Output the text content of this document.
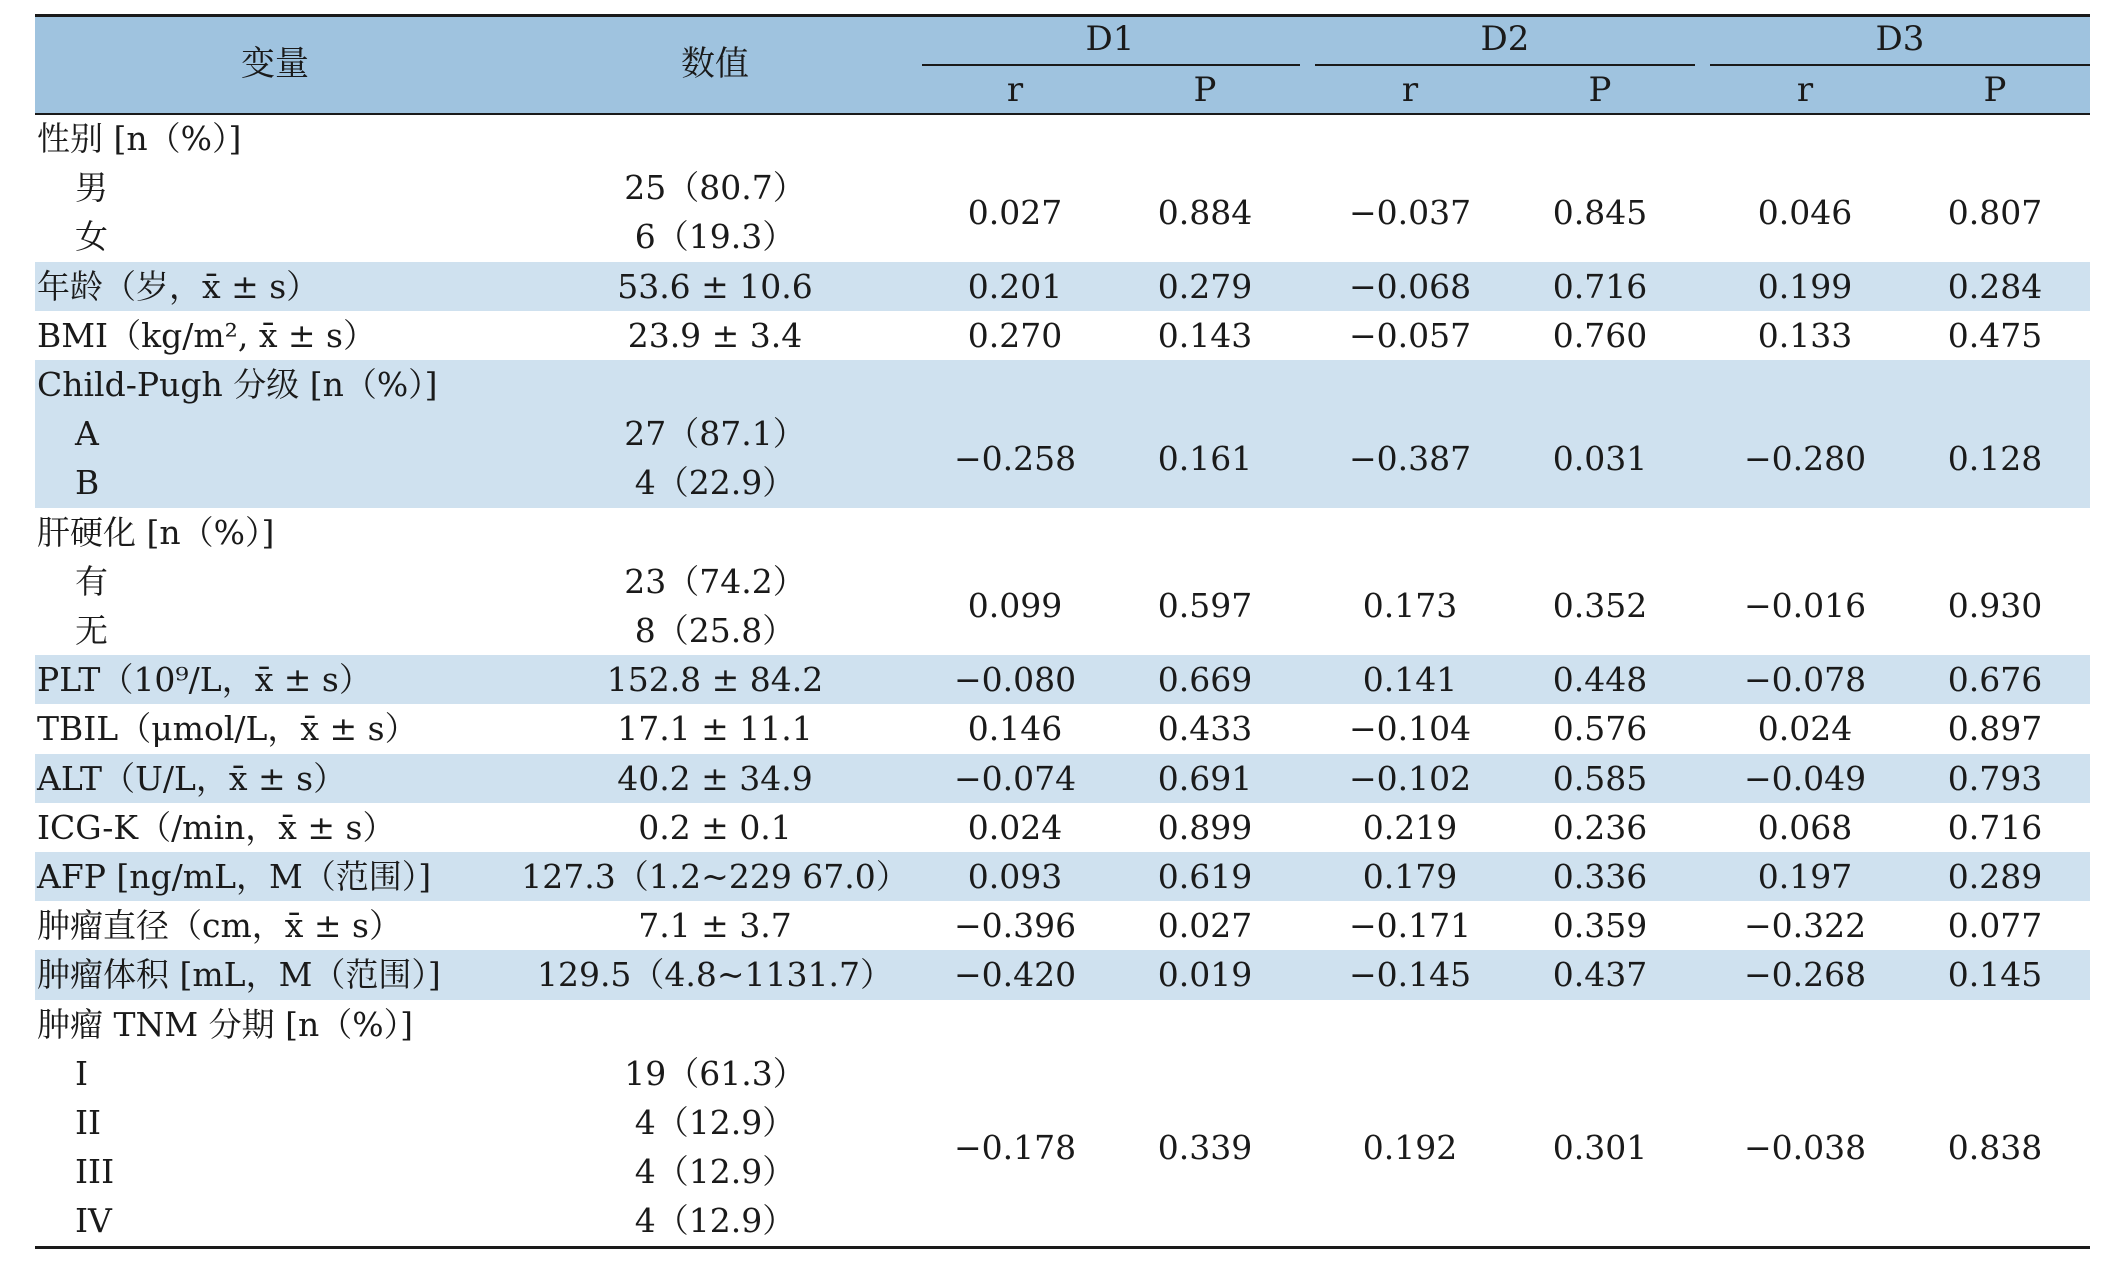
变量	数值
D1	D2	D3
r	P	r	P	r	P
性别 [n（%）]
男	25（80.7）
女	6（19.3）
0.027	0.884	−0.037	0.845	0.046	0.807
年龄（岁，x̄ ± s）	53.6 ± 10.6	0.201	0.279	−0.068	0.716	0.199	0.284
BMI（kg/m², x̄ ± s）	23.9 ± 3.4	0.270	0.143	−0.057	0.760	0.133	0.475
Child-Pugh 分级 [n（%）]
A	27（87.1）
B	4（22.9）
−0.258	0.161	−0.387	0.031	−0.280	0.128
肝硬化 [n（%）]
有	23（74.2）
无	8（25.8）
0.099	0.597	0.173	0.352	−0.016	0.930
PLT（10⁹/L，x̄ ± s）	152.8 ± 84.2	−0.080	0.669	0.141	0.448	−0.078	0.676
TBIL（μmol/L，x̄ ± s）	17.1 ± 11.1	0.146	0.433	−0.104	0.576	0.024	0.897
ALT（U/L，x̄ ± s）	40.2 ± 34.9	−0.074	0.691	−0.102	0.585	−0.049	0.793
ICG-K（/min，x̄ ± s）	0.2 ± 0.1	0.024	0.899	0.219	0.236	0.068	0.716
AFP [ng/mL，M（范围）]	127.3（1.2~229 67.0）	0.093	0.619	0.179	0.336	0.197	0.289
肿瘤直径（cm，x̄ ± s）	7.1 ± 3.7	−0.396	0.027	−0.171	0.359	−0.322	0.077
肿瘤体积 [mL，M（范围）]	129.5（4.8~1131.7）	−0.420	0.019	−0.145	0.437	−0.268	0.145
肿瘤 TNM 分期 [n（%）]
I	19（61.3）
II	4（12.9）
III	4（12.9）
IV	4（12.9）
−0.178	0.339	0.192	0.301	−0.038	0.838
